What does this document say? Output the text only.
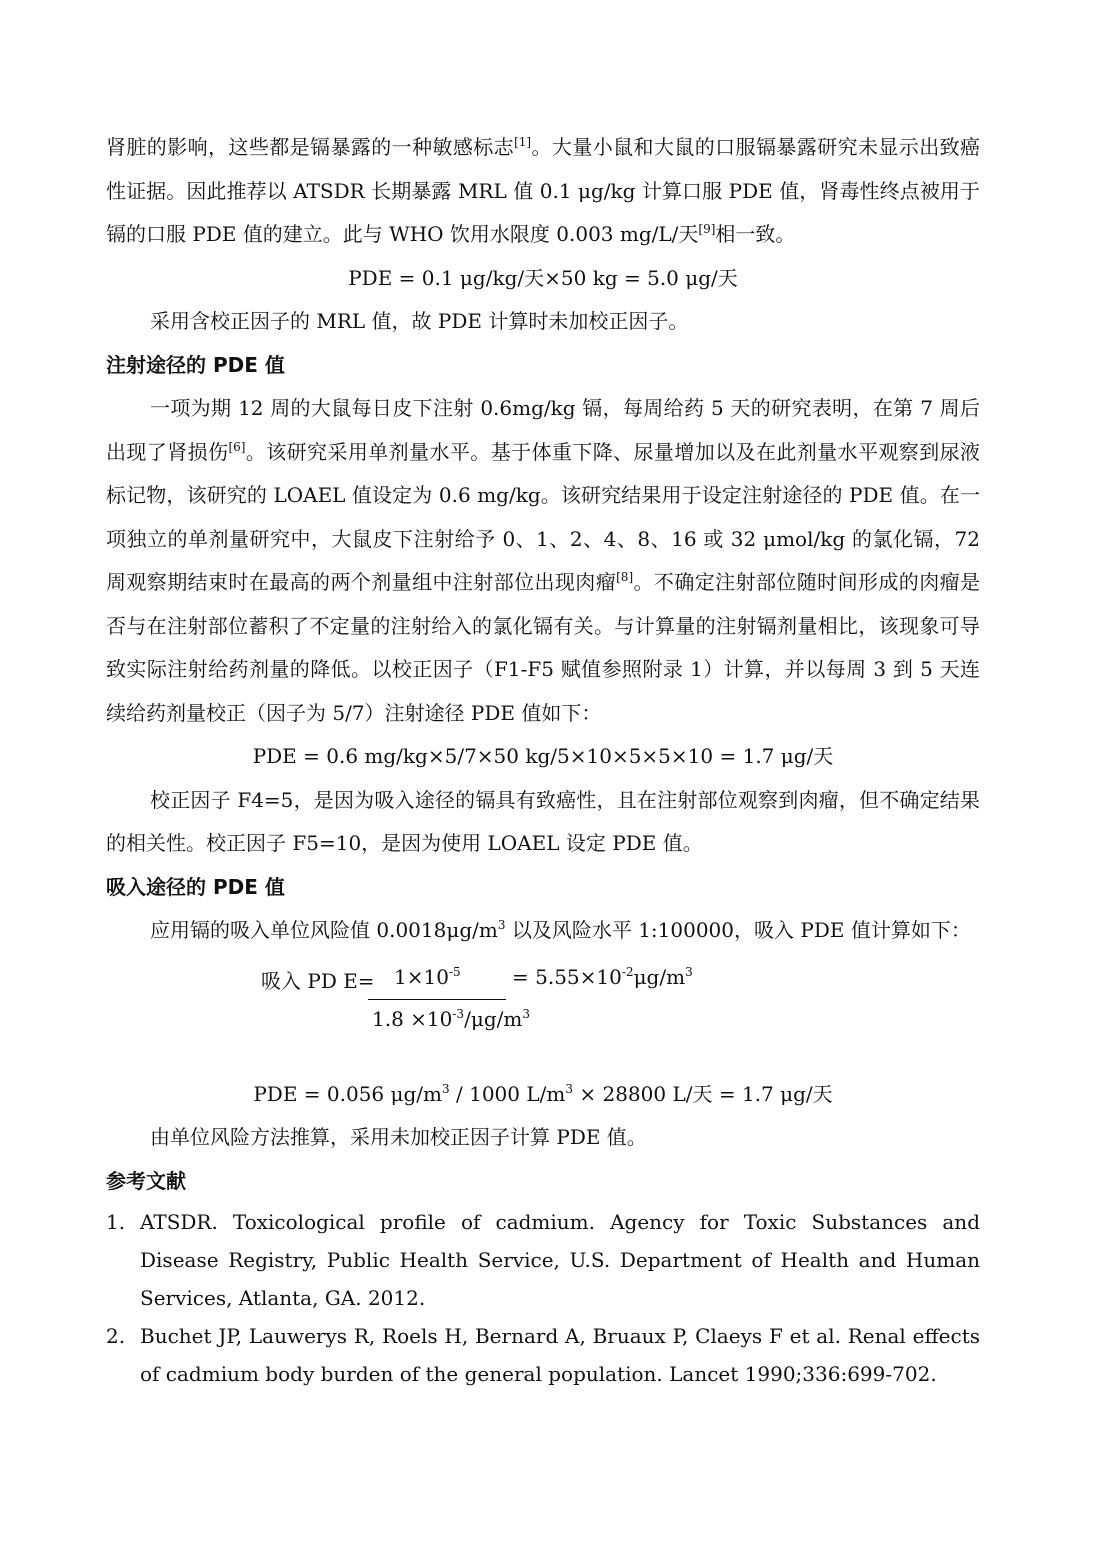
肾脏的影响，这些都是镉暴露的一种敏感标志[1]。大量小鼠和大鼠的口服镉暴露研究未显示出致癌性证据。因此推荐以 ATSDR 长期暴露 MRL 值 0.1 μg/kg 计算口服 PDE 值，肾毒性终点被用于镉的口服 PDE 值的建立。此与 WHO 饮用水限度 0.003 mg/L/天[9]相一致。

PDE = 0.1 μg/kg/天×50 kg = 5.0 μg/天

采用含校正因子的 MRL 值，故 PDE 计算时未加校正因子。

注射途径的 PDE 值

一项为期 12 周的大鼠每日皮下注射 0.6mg/kg 镉，每周给药 5 天的研究表明，在第 7 周后出现了肾损伤[6]。该研究采用单剂量水平。基于体重下降、尿量增加以及在此剂量水平观察到尿液标记物，该研究的 LOAEL 值设定为 0.6 mg/kg。该研究结果用于设定注射途径的 PDE 值。在一项独立的单剂量研究中，大鼠皮下注射给予 0、1、2、4、8、16 或 32 μmol/kg 的氯化镉，72 周观察期结束时在最高的两个剂量组中注射部位出现肉瘤[8]。不确定注射部位随时间形成的肉瘤是否与在注射部位蓄积了不定量的注射给入的氯化镉有关。与计算量的注射镉剂量相比，该现象可导致实际注射给药剂量的降低。以校正因子（F1-F5 赋值参照附录 1）计算，并以每周 3 到 5 天连续给药剂量校正（因子为 5/7）注射途径 PDE 值如下：

PDE = 0.6 mg/kg×5/7×50 kg/5×10×5×5×10 = 1.7 μg/天

校正因子 F4=5，是因为吸入途径的镉具有致癌性，且在注射部位观察到肉瘤，但不确定结果的相关性。校正因子 F5=10，是因为使用 LOAEL 设定 PDE 值。

吸入途径的 PDE 值

应用镉的吸入单位风险值 $0.0018\mu g/m^3$ 以及风险水平 1:100000，吸入 PDE 值计算如下：

吸入 PD $E= 1\times 10^{-5}$	= $5.55\times 10^{-2}\mu g/m^3$
$1.8 \times 10^{-3}/\mu g/m^3$

PDE = 0.056 $\mu g/m^3 / 1000$ $L/m^3 \times 28800$ L/天 = 1.7 μg/天

由单位风险方法推算，采用未加校正因子计算 PDE 值。

参考文献

1. ATSDR. Toxicological profile of cadmium. Agency for Toxic Substances and Disease Registry, Public Health Service, U.S. Department of Health and Human Services, Atlanta, GA. 2012.
2. Buchet JP, Lauwerys R, Roels H, Bernard A, Bruaux P, Claeys F et al. Renal effects of cadmium body burden of the general population. Lancet 1990;336:699-702.
